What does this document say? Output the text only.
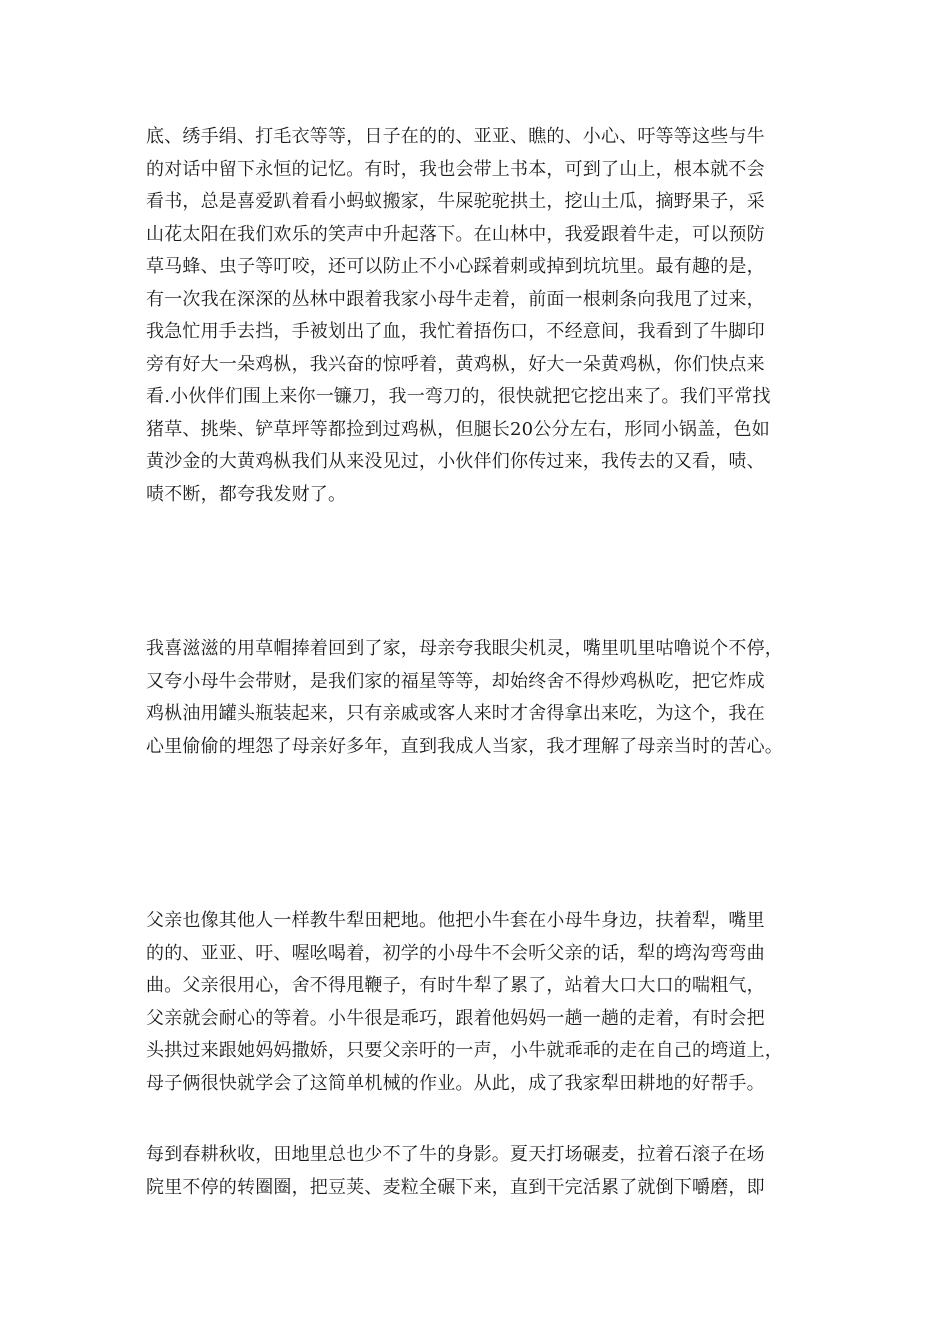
底、绣手绢、打毛衣等等，日子在的的、亚亚、瞧的、小心、吁等等这些与牛
的对话中留下永恒的记忆。有时，我也会带上书本，可到了山上，根本就不会
看书，总是喜爱趴着看小蚂蚁搬家，牛屎驼驼拱土，挖山土瓜，摘野果子，采
山花太阳在我们欢乐的笑声中升起落下。在山林中，我爱跟着牛走，可以预防
草马蜂、虫子等叮咬，还可以防止不小心踩着刺或掉到坑坑里。最有趣的是，
有一次我在深深的丛林中跟着我家小母牛走着，前面一根刺条向我甩了过来，
我急忙用手去挡，手被划出了血，我忙着捂伤口，不经意间，我看到了牛脚印
旁有好大一朵鸡枞，我兴奋的惊呼着，黄鸡枞，好大一朵黄鸡枞，你们快点来
看.小伙伴们围上来你一镰刀，我一弯刀的，很快就把它挖出来了。我们平常找
猪草、挑柴、铲草坪等都捡到过鸡枞，但腿长20公分左右，形同小锅盖，色如
黄沙金的大黄鸡枞我们从来没见过，小伙伴们你传过来，我传去的又看，啧、
啧不断，都夸我发财了。
我喜滋滋的用草帽捧着回到了家，母亲夸我眼尖机灵，嘴里叽里咕噜说个不停，
又夸小母牛会带财，是我们家的福星等等，却始终舍不得炒鸡枞吃，把它炸成
鸡枞油用罐头瓶装起来，只有亲戚或客人来时才舍得拿出来吃，为这个，我在
心里偷偷的埋怨了母亲好多年，直到我成人当家，我才理解了母亲当时的苦心。
父亲也像其他人一样教牛犁田耙地。他把小牛套在小母牛身边，扶着犁，嘴里
的的、亚亚、吁、喔吆喝着，初学的小母牛不会听父亲的话，犁的塆沟弯弯曲
曲。父亲很用心，舍不得甩鞭子，有时牛犁了累了，站着大口大口的喘粗气，
父亲就会耐心的等着。小牛很是乖巧，跟着他妈妈一趟一趟的走着，有时会把
头拱过来跟她妈妈撒娇，只要父亲吁的一声，小牛就乖乖的走在自己的塆道上，
母子俩很快就学会了这简单机械的作业。从此，成了我家犁田耕地的好帮手。
每到春耕秋收，田地里总也少不了牛的身影。夏天打场碾麦，拉着石滚子在场
院里不停的转圈圈，把豆荚、麦粒全碾下来，直到干完活累了就倒下嚼磨，即
